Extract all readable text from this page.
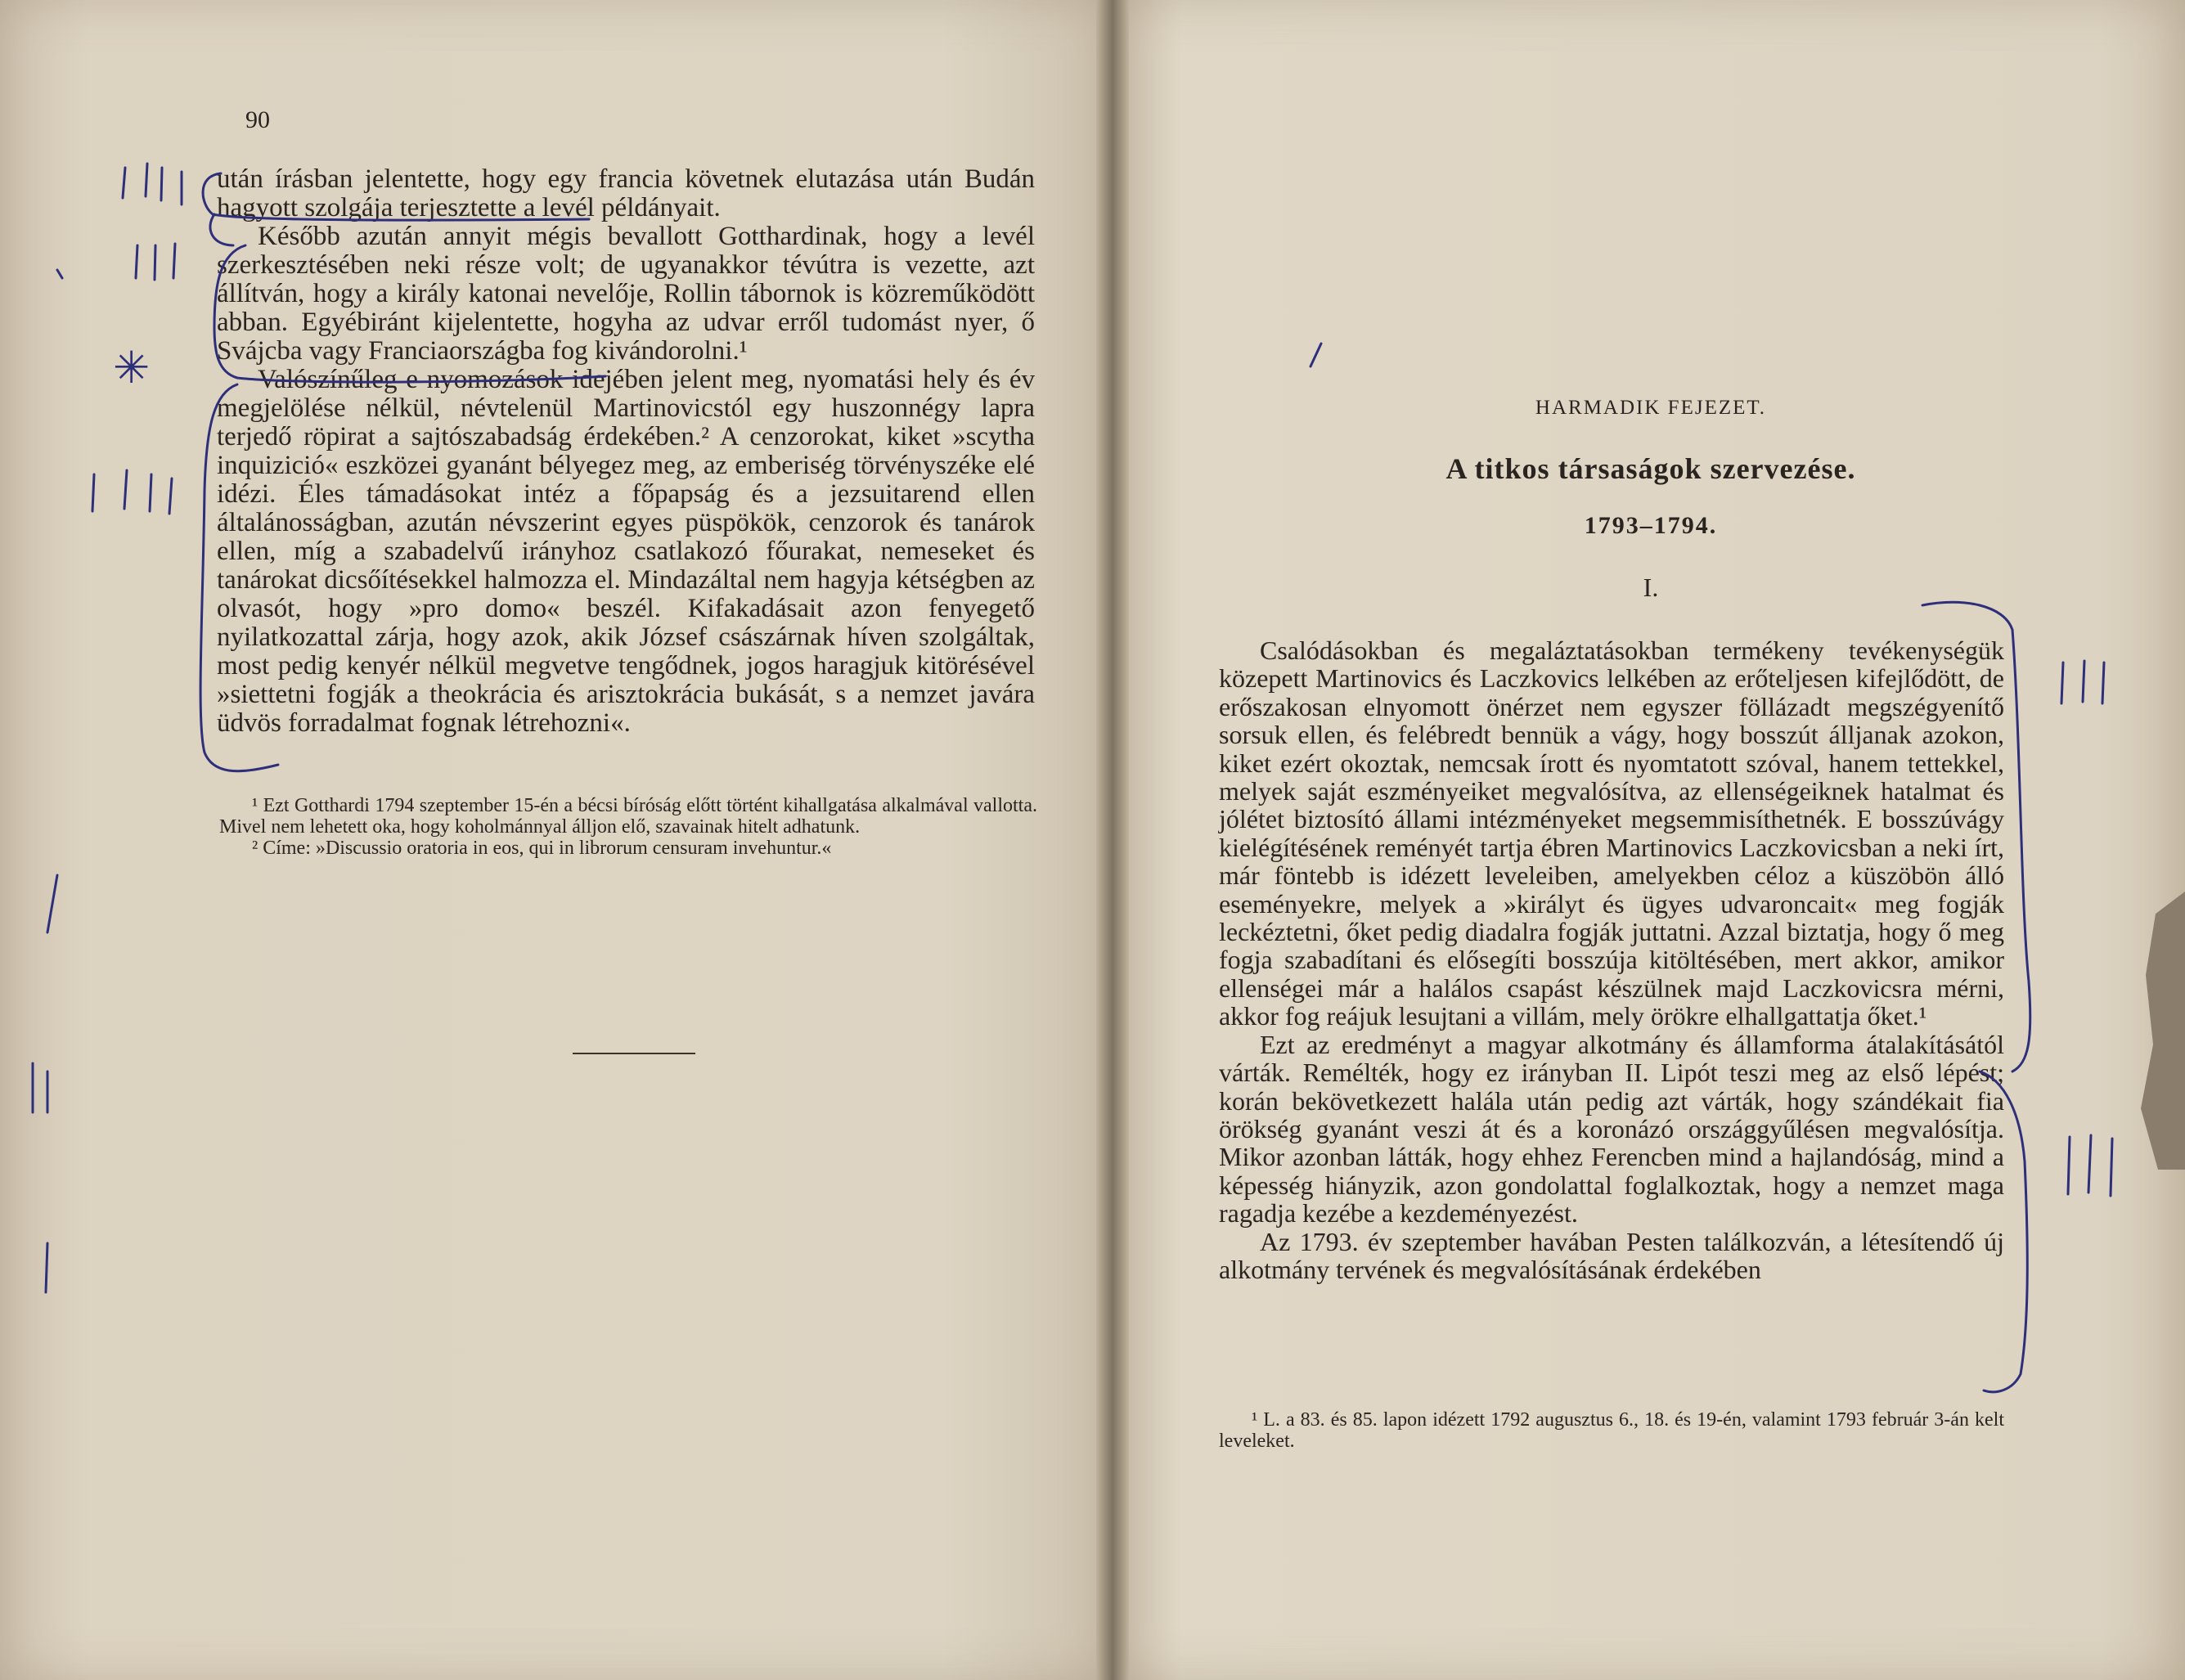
90

után írásban jelentette, hogy egy francia követnek elutazása után Budán hagyott szolgája terjesztette a levél példányait.

Később azután annyit mégis bevallott Gotthardinak, hogy a levél szerkesztésében neki része volt; de ugyanakkor tévútra is vezette, azt állítván, hogy a király katonai nevelője, Rollin tábornok is közreműködött abban. Egyébiránt kijelentette, hogyha az udvar erről tudomást nyer, ő Svájcba vagy Franciaországba fog kivándorolni.¹

Valószínűleg e nyomozások idejében jelent meg, nyomatási hely és év megjelölése nélkül, névtelenül Martinovicstól egy huszonnégy lapra terjedő röpirat a sajtószabadság érdekében.² A cenzorokat, kiket »scytha inquizició« eszközei gyanánt bélyegez meg, az emberiség törvényszéke elé idézi. Éles támadásokat intéz a főpapság és a jezsuitarend ellen általánosságban, azután névszerint egyes püspökök, cenzorok és tanárok ellen, míg a szabadelvű irányhoz csatlakozó főurakat, nemeseket és tanárokat dicsőítésekkel halmozza el. Mindazáltal nem hagyja kétségben az olvasót, hogy »pro domo« beszél. Kifakadásait azon fenyegető nyilatkozattal zárja, hogy azok, akik József császárnak híven szolgáltak, most pedig kenyér nélkül megvetve tengődnek, jogos haragjuk kitörésével »siettetni fogják a theokrácia és arisztokrácia bukását, s a nemzet javára üdvös forradalmat fognak létrehozni«.

¹ Ezt Gotthardi 1794 szeptember 15-én a bécsi bíróság előtt történt kihallgatása alkalmával vallotta. Mivel nem lehetett oka, hogy koholmánnyal álljon elő, szavainak hitelt adhatunk.

² Címe: »Discussio oratoria in eos, qui in librorum censuram invehuntur.«

HARMADIK FEJEZET.
A titkos társaságok szervezése.
1793–1794.
I.

Csalódásokban és megaláztatásokban termékeny tevékenységük közepett Martinovics és Laczkovics lelkében az erőteljesen kifejlődött, de erőszakosan elnyomott önérzet nem egyszer föllázadt megszégyenítő sorsuk ellen, és felébredt bennük a vágy, hogy bosszút álljanak azokon, kiket ezért okoztak, nemcsak írott és nyomtatott szóval, hanem tettekkel, melyek saját eszményeiket megvalósítva, az ellenségeiknek hatalmat és jólétet biztosító állami intézményeket megsemmisíthetnék. E bosszúvágy kielégítésének reményét tartja ébren Martinovics Laczkovicsban a neki írt, már föntebb is idézett leveleiben, amelyekben céloz a küszöbön álló eseményekre, melyek a »királyt és ügyes udvaroncait« meg fogják leckéztetni, őket pedig diadalra fogják juttatni. Azzal biztatja, hogy ő meg fogja szabadítani és elősegíti bosszúja kitöltésében, mert akkor, amikor ellenségei már a halálos csapást készülnek majd Laczkovicsra mérni, akkor fog reájuk lesujtani a villám, mely örökre elhallgattatja őket.¹

Ezt az eredményt a magyar alkotmány és államforma átalakításától várták. Remélték, hogy ez irányban II. Lipót teszi meg az első lépést; korán bekövetkezett halála után pedig azt várták, hogy szándékait fia örökség gyanánt veszi át és a koronázó országgyűlésen megvalósítja. Mikor azonban látták, hogy ehhez Ferencben mind a hajlandóság, mind a képesség hiányzik, azon gondolattal foglalkoztak, hogy a nemzet maga ragadja kezébe a kezdeményezést.

Az 1793. év szeptember havában Pesten találkozván, a létesítendő új alkotmány tervének és megvalósításának érdekében

¹ L. a 83. és 85. lapon idézett 1792 augusztus 6., 18. és 19-én, valamint 1793 február 3-án kelt leveleket.

✳
